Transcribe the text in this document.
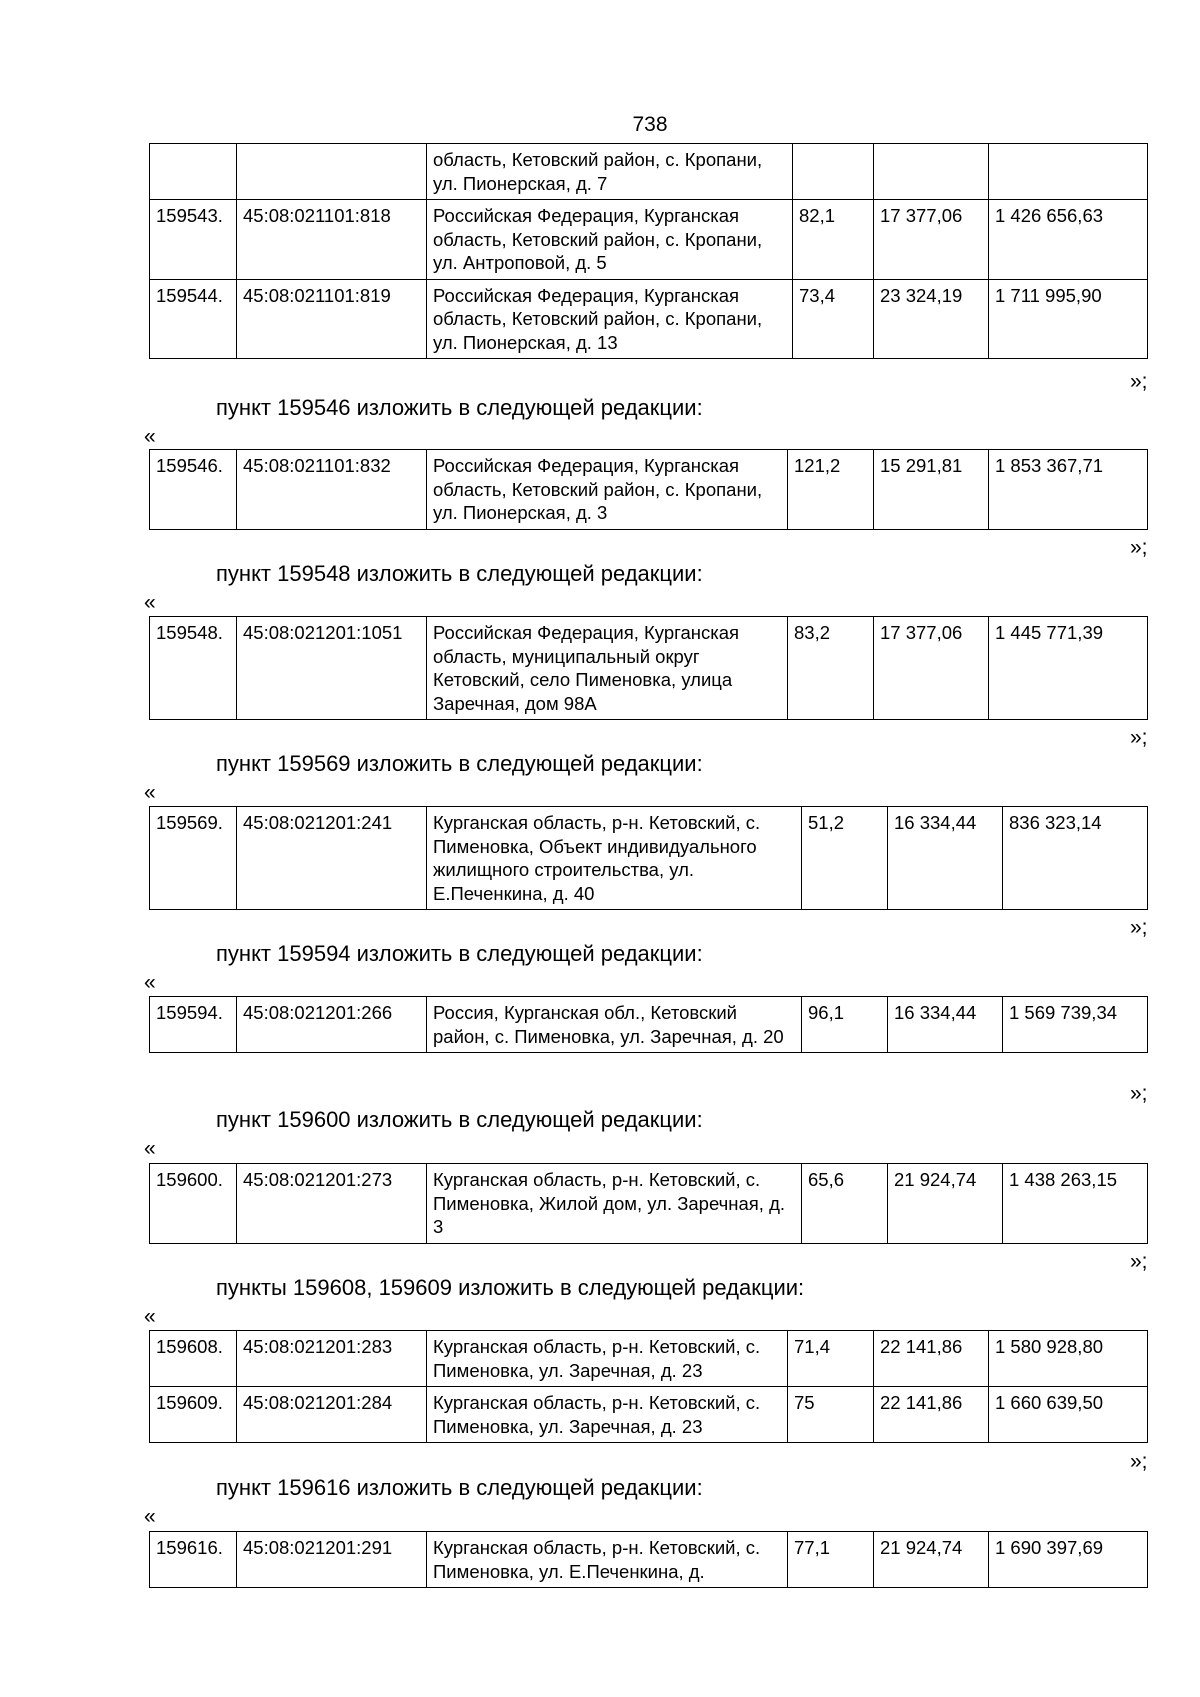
738
		область, Кетовский район, с. Кропани, ул. Пионерская, д. 7			
159543.	45:08:021101:818	Российская Федерация, Курганская область, Кетовский район, с. Кропани, ул. Антроповой, д. 5	82,1	17 377,06	1 426 656,63
159544.	45:08:021101:819	Российская Федерация, Курганская область, Кетовский район, с. Кропани, ул. Пионерская, д. 13	73,4	23 324,19	1 711 995,90
»;
пункт 159546 изложить в следующей редакции:
«
159546.	45:08:021101:832	Российская Федерация, Курганская область, Кетовский район, с. Кропани, ул. Пионерская, д. 3	121,2	15 291,81	1 853 367,71
»;
пункт 159548 изложить в следующей редакции:
«
159548.	45:08:021201:1051	Российская Федерация, Курганская область, муниципальный округ Кетовский, село Пименовка, улица Заречная, дом 98А	83,2	17 377,06	1 445 771,39
»;
пункт 159569 изложить в следующей редакции:
«
159569.	45:08:021201:241	Курганская область, р-н. Кетовский, с. Пименовка, Объект индивидуального жилищного строительства, ул. Е.Печенкина, д. 40	51,2	16 334,44	836 323,14
»;
пункт 159594 изложить в следующей редакции:
«
159594.	45:08:021201:266	Россия, Курганская обл., Кетовский район, с. Пименовка, ул. Заречная, д. 20	96,1	16 334,44	1 569 739,34
»;
пункт 159600 изложить в следующей редакции:
«
159600.	45:08:021201:273	Курганская область, р-н. Кетовский, с. Пименовка, Жилой дом, ул. Заречная, д. 3	65,6	21 924,74	1 438 263,15
»;
пункты 159608, 159609 изложить в следующей редакции:
«
159608.	45:08:021201:283	Курганская область, р-н. Кетовский, с. Пименовка, ул. Заречная, д. 23	71,4	22 141,86	1 580 928,80
159609.	45:08:021201:284	Курганская область, р-н. Кетовский, с. Пименовка, ул. Заречная, д. 23	75	22 141,86	1 660 639,50
»;
пункт 159616 изложить в следующей редакции:
«
159616.	45:08:021201:291	Курганская область, р-н. Кетовский, с. Пименовка, ул. Е.Печенкина, д.	77,1	21 924,74	1 690 397,69
